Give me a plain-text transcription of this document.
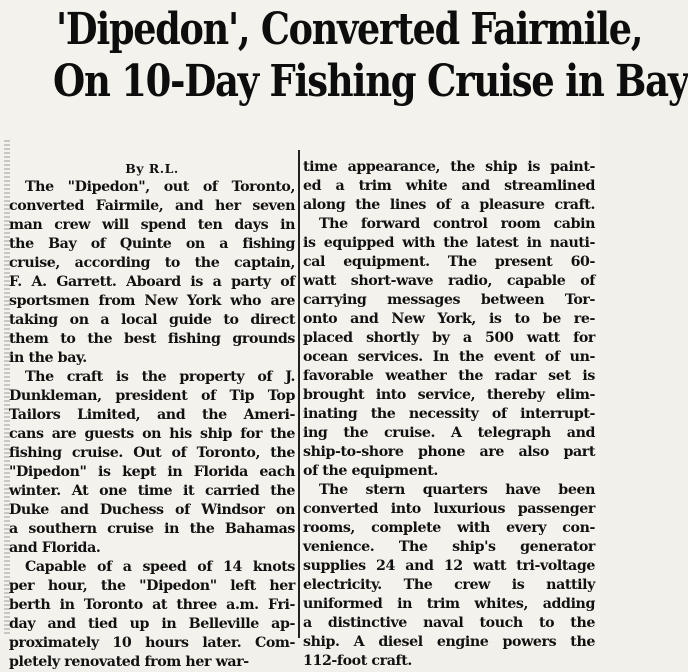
'Dipedon', Converted Fairmile,
On 10-Day Fishing Cruise in Bay
By R.L.
The "Dipedon", out of Toronto,
converted Fairmile, and her seven
man crew will spend ten days in
the Bay of Quinte on a fishing
cruise, according to the captain,
F. A. Garrett. Aboard is a party of
sportsmen from New York who are
taking on a local guide to direct
them to the best fishing grounds
in the bay.
The craft is the property of J.
Dunkleman, president of Tip Top
Tailors Limited, and the Ameri-
cans are guests on his ship for the
fishing cruise. Out of Toronto, the
"Dipedon" is kept in Florida each
winter. At one time it carried the
Duke and Duchess of Windsor on
a southern cruise in the Bahamas
and Florida.
Capable of a speed of 14 knots
per hour, the "Dipedon" left her
berth in Toronto at three a.m. Fri-
day and tied up in Belleville ap-
proximately 10 hours later. Com-
pletely renovated from her war-
time appearance, the ship is paint-
ed a trim white and streamlined
along the lines of a pleasure craft.
The forward control room cabin
is equipped with the latest in nauti-
cal equipment. The present 60-
watt short-wave radio, capable of
carrying messages between Tor-
onto and New York, is to be re-
placed shortly by a 500 watt for
ocean services. In the event of un-
favorable weather the radar set is
brought into service, thereby elim-
inating the necessity of interrupt-
ing the cruise. A telegraph and
ship-to-shore phone are also part
of the equipment.
The stern quarters have been
converted into luxurious passenger
rooms, complete with every con-
venience. The ship's generator
supplies 24 and 12 watt tri-voltage
electricity. The crew is nattily
uniformed in trim whites, adding
a distinctive naval touch to the
ship. A diesel engine powers the
112-foot craft.
